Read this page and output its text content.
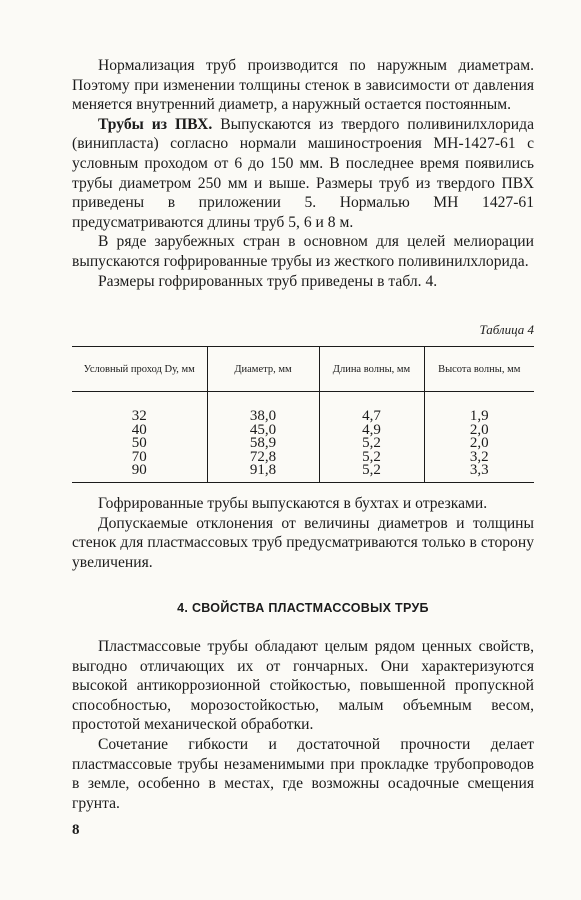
Нормализация труб производится по наружным диаметрам. Поэтому при изменении толщины стенок в зависимости от давления меняется внутренний диаметр, а наружный остается постоянным.

Трубы из ПВХ. Выпускаются из твердого поливинилхлорида (винипласта) согласно нормали машиностроения МН-1427-61 с условным проходом от 6 до 150 мм. В последнее время появились трубы диаметром 250 мм и выше. Размеры труб из твердого ПВХ приведены в приложении 5. Нормалью МН 1427-61 предусматриваются длины труб 5, 6 и 8 м.

В ряде зарубежных стран в основном для целей мелиорации выпускаются гофрированные трубы из жесткого поливинилхлорида.

Размеры гофрированных труб приведены в табл. 4.

Таблица 4
Условный проход Dу, мм	Диаметр, мм	Длина волны, мм	Высота волны, мм

32	38,0	4,7	1,9
40	45,0	4,9	2,0
50	58,9	5,2	2,0
70	72,8	5,2	3,2
90	91,8	5,2	3,3

Гофрированные трубы выпускаются в бухтах и отрезками.

Допускаемые отклонения от величины диаметров и толщины стенок для пластмассовых труб предусматриваются только в сторону увеличения.

4. СВОЙСТВА ПЛАСТМАССОВЫХ ТРУБ

Пластмассовые трубы обладают целым рядом ценных свойств, выгодно отличающих их от гончарных. Они характеризуются высокой антикоррозионной стойкостью, повышенной пропускной способностью, морозостойкостью, малым объемным весом, простотой механической обработки.

Сочетание гибкости и достаточной прочности делает пластмассовые трубы незаменимыми при прокладке трубопроводов в земле, особенно в местах, где возможны осадочные смещения грунта.

8
